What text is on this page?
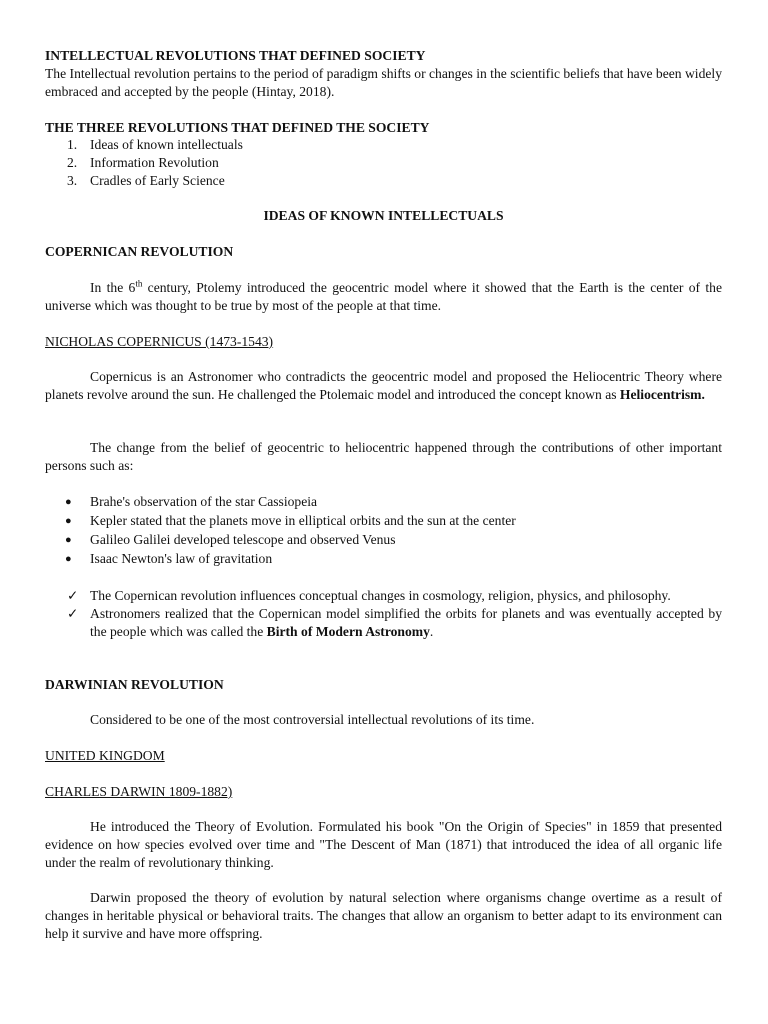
INTELLECTUAL REVOLUTIONS THAT DEFINED SOCIETY

The Intellectual revolution pertains to the period of paradigm shifts or changes in the scientific beliefs that have been widely embraced and accepted by the people (Hintay, 2018).

THE THREE REVOLUTIONS THAT DEFINED THE SOCIETY
1. Ideas of known intellectuals
2. Information Revolution
3. Cradles of Early Science
IDEAS OF KNOWN INTELLECTUALS
COPERNICAN REVOLUTION

In the 6th century, Ptolemy introduced the geocentric model where it showed that the Earth is the center of the universe which was thought to be true by most of the people at that time.

NICHOLAS COPERNICUS (1473-1543)

Copernicus is an Astronomer who contradicts the geocentric model and proposed the Heliocentric Theory where planets revolve around the sun. He challenged the Ptolemaic model and introduced the concept known as Heliocentrism.

The change from the belief of geocentric to heliocentric happened through the contributions of other important persons such as:

● Brahe's observation of the star Cassiopeia
● Kepler stated that the planets move in elliptical orbits and the sun at the center
● Galileo Galilei developed telescope and observed Venus
● Isaac Newton's law of gravitation
✓ The Copernican revolution influences conceptual changes in cosmology, religion, physics, and philosophy.
✓ Astronomers realized that the Copernican model simplified the orbits for planets and was eventually accepted by the people which was called the Birth of Modern Astronomy.
DARWINIAN REVOLUTION

Considered to be one of the most controversial intellectual revolutions of its time.

UNITED KINGDOM
CHARLES DARWIN 1809-1882)

He introduced the Theory of Evolution. Formulated his book "On the Origin of Species" in 1859 that presented evidence on how species evolved over time and "The Descent of Man (1871) that introduced the idea of all organic life under the realm of revolutionary thinking.

Darwin proposed the theory of evolution by natural selection where organisms change overtime as a result of changes in heritable physical or behavioral traits. The changes that allow an organism to better adapt to its environment can help it survive and have more offspring.
